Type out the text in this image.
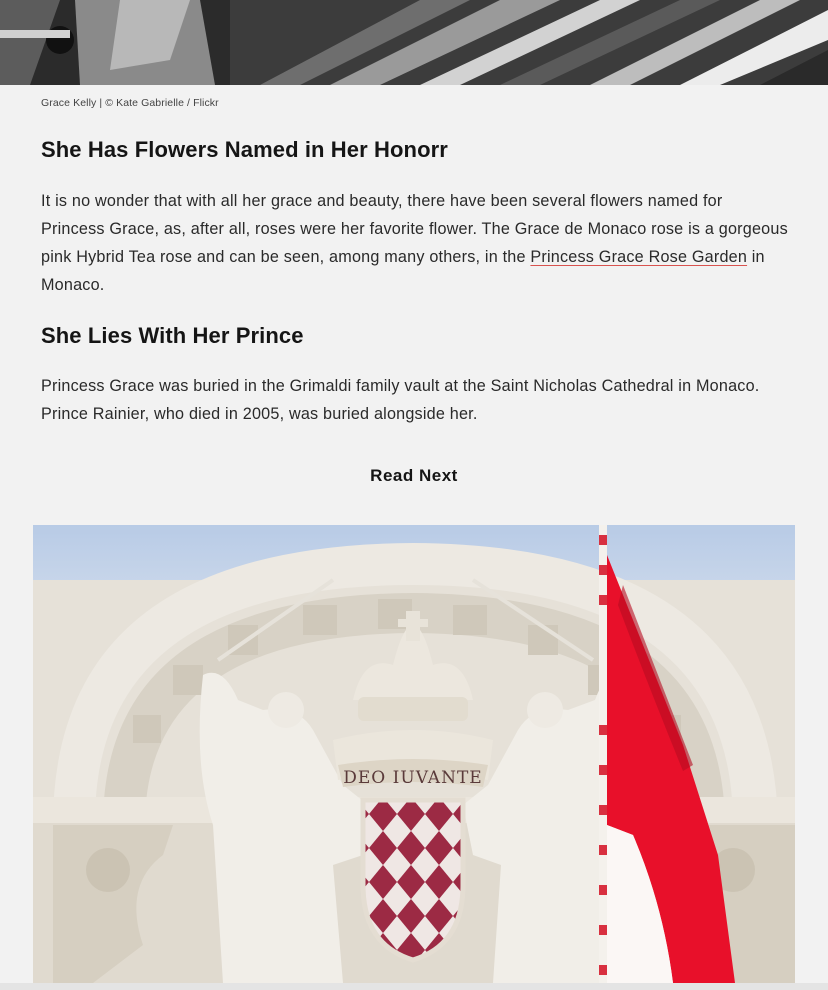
Grace Kelly | © Kate Gabrielle / Flickr
She Has Flowers Named in Her Honorr

It is no wonder that with all her grace and beauty, there have been several flowers named for Princess Grace, as, after all, roses were her favorite flower. The Grace de Monaco rose is a gorgeous pink Hybrid Tea rose and can be seen, among many others, in the Princess Grace Rose Garden in Monaco.

She Lies With Her Prince

Princess Grace was buried in the Grimaldi family vault at the Saint Nicholas Cathedral in Monaco. Prince Rainier, who died in 2005, was buried alongside her.

Read Next
DEO IUVANTE
